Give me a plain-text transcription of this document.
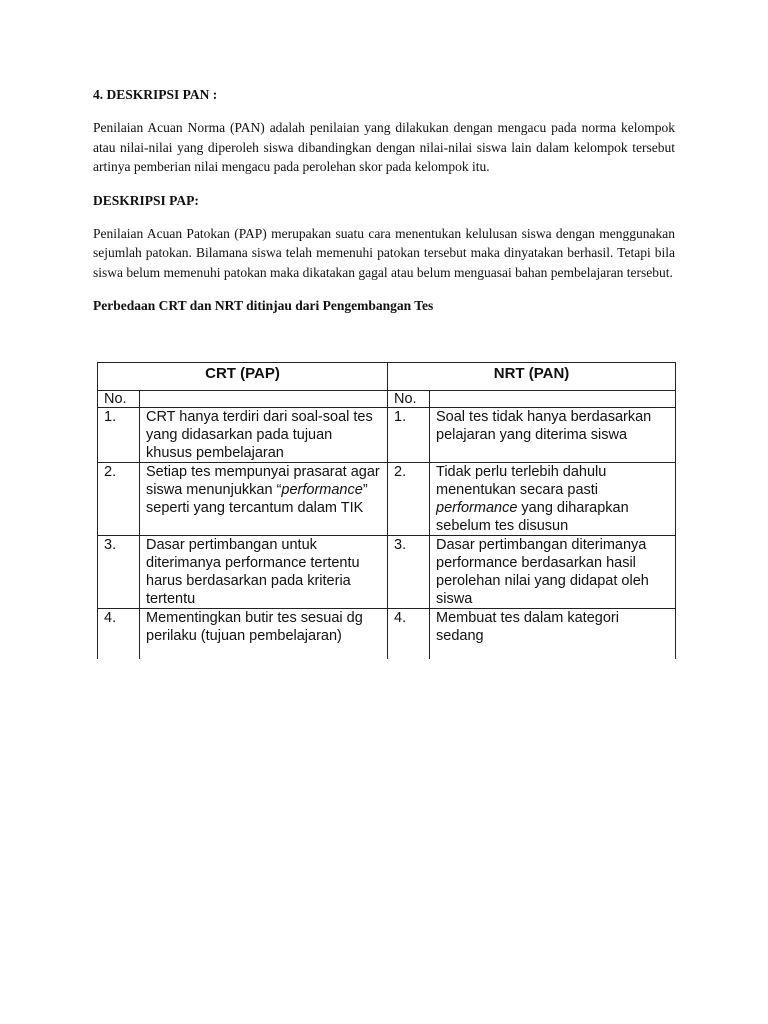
4. DESKRIPSI PAN :

Penilaian Acuan Norma (PAN) adalah penilaian yang dilakukan dengan mengacu pada norma kelompok atau nilai-nilai yang diperoleh siswa dibandingkan dengan nilai-nilai siswa lain dalam kelompok tersebut artinya pemberian nilai mengacu pada perolehan skor pada kelompok itu.

DESKRIPSI PAP:

Penilaian Acuan Patokan (PAP) merupakan suatu cara menentukan kelulusan siswa dengan menggunakan sejumlah patokan. Bilamana siswa telah memenuhi patokan tersebut maka dinyatakan berhasil. Tetapi bila siswa belum memenuhi patokan maka dikatakan gagal atau belum menguasai bahan pembelajaran tersebut.

Perbedaan CRT dan NRT ditinjau dari Pengembangan Tes
CRT (PAP)		NRT (PAN)	
No.		No.	
1.	CRT hanya terdiri dari soal-soal tes yang didasarkan pada tujuan khusus pembelajaran	1.	Soal tes tidak hanya berdasarkan pelajaran yang diterima siswa

2.	Setiap tes mempunyai prasarat agar siswa menunjukkan “performance” seperti yang tercantum dalam TIK	2.	Tidak perlu terlebih dahulu menentukan secara pasti performance yang diharapkan sebelum tes disusun

3.	Dasar pertimbangan untuk diterimanya performance tertentu harus berdasarkan pada kriteria tertentu	3.	Dasar pertimbangan diterimanya performance berdasarkan hasil perolehan nilai yang didapat oleh siswa

4.	Mementingkan butir tes sesuai dg perilaku (tujuan pembelajaran)	4.	Membuat tes dalam kategori sedang
